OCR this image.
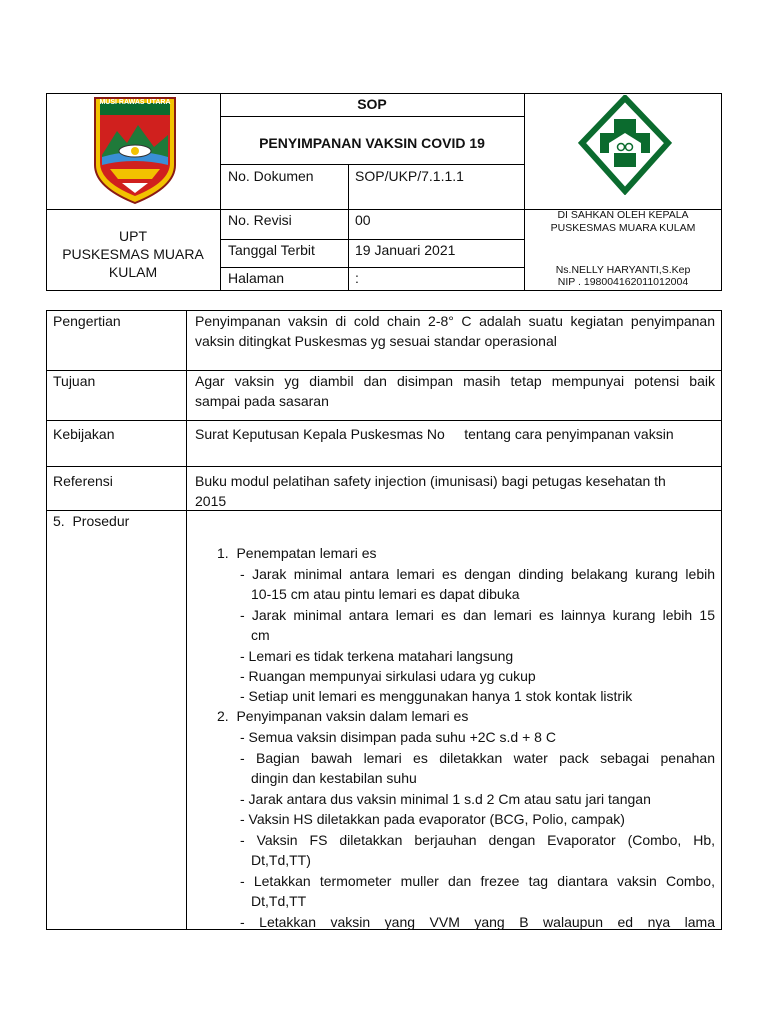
MUSI RAWAS UTARA
UPT
PUSKESMAS MUARA
KULAM
SOP
PENYIMPANAN VAKSIN COVID 19
No. Dokumen	SOP/UKP/7.1.1.1
No. Revisi	00
Tanggal Terbit	19 Januari 2021
Halaman	:
DI SAHKAN OLEH KEPALA PUSKESMAS MUARA KULAM
Ns.NELLY HARYANTI,S.Kep
NIP . 198004162011012004
Pengertian	Penyimpanan vaksin di cold chain 2-8° C adalah suatu kegiatan penyimpanan
vaksin ditingkat Puskesmas yg sesuai standar operasional
Tujuan	Agar vaksin yg diambil dan disimpan masih tetap mempunyai potensi baik
sampai pada sasaran
Kebijakan	Surat Keputusan Kepala Puskesmas No     tentang cara penyimpanan vaksin
Referensi	Buku modul pelatihan safety injection (imunisasi) bagi petugas kesehatan th
2015
5.  Prosedur
1.  Penempatan lemari es
- Jarak minimal antara lemari es dengan dinding belakang kurang lebih
10-15 cm atau pintu lemari es dapat dibuka
- Jarak minimal antara lemari es dan lemari es lainnya kurang lebih 15
cm
- Lemari es tidak terkena matahari langsung
- Ruangan mempunyai sirkulasi udara yg cukup
- Setiap unit lemari es menggunakan hanya 1 stok kontak listrik
2.  Penyimpanan vaksin dalam lemari es
- Semua vaksin disimpan pada suhu +2C s.d + 8 C
- Bagian bawah lemari es diletakkan water pack sebagai penahan
dingin dan kestabilan suhu
- Jarak antara dus vaksin minimal 1 s.d 2 Cm atau satu jari tangan
- Vaksin HS diletakkan pada evaporator (BCG, Polio, campak)
- Vaksin FS diletakkan berjauhan dengan Evaporator (Combo, Hb,
Dt,Td,TT)
- Letakkan termometer muller dan frezee tag diantara vaksin Combo,
Dt,Td,TT
- Letakkan vaksin yang VVM yang B walaupun ed nya lama
